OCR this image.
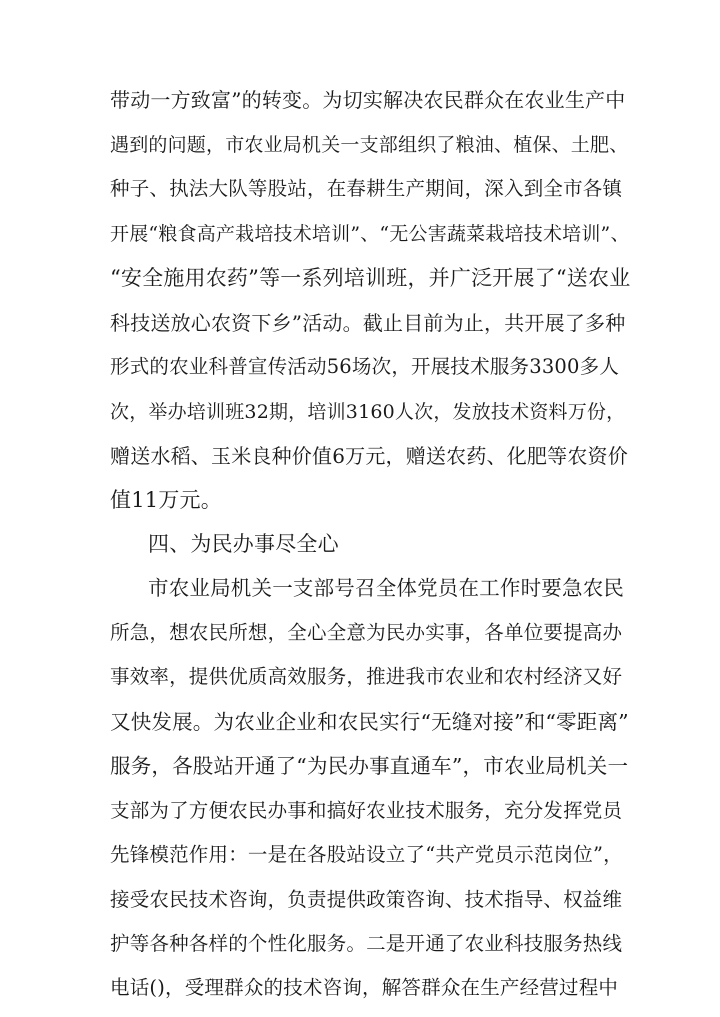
带动一方致富”的转变。为切实解决农民群众在农业生产中
遇到的问题，市农业局机关一支部组织了粮油、植保、土肥、
种子、执法大队等股站，在春耕生产期间，深入到全市各镇
开展“粮食高产栽培技术培训”、“无公害蔬菜栽培技术培训”、
“安全施用农药”等一系列培训班，并广泛开展了“送农业
科技送放心农资下乡”活动。截止目前为止，共开展了多种
形式的农业科普宣传活动56场次，开展技术服务3300多人
次，举办培训班32期，培训3160人次，发放技术资料万份，
赠送水稻、玉米良种价值6万元，赠送农药、化肥等农资价
值11万元。
四、为民办事尽全心
市农业局机关一支部号召全体党员在工作时要急农民
所急，想农民所想，全心全意为民办实事，各单位要提高办
事效率，提供优质高效服务，推进我市农业和农村经济又好
又快发展。为农业企业和农民实行“无缝对接”和“零距离”
服务，各股站开通了“为民办事直通车”，市农业局机关一
支部为了方便农民办事和搞好农业技术服务，充分发挥党员
先锋模范作用：一是在各股站设立了“共产党员示范岗位”，
接受农民技术咨询，负责提供政策咨询、技术指导、权益维
护等各种各样的个性化服务。二是开通了农业科技服务热线
电话()，受理群众的技术咨询，解答群众在生产经营过程中
